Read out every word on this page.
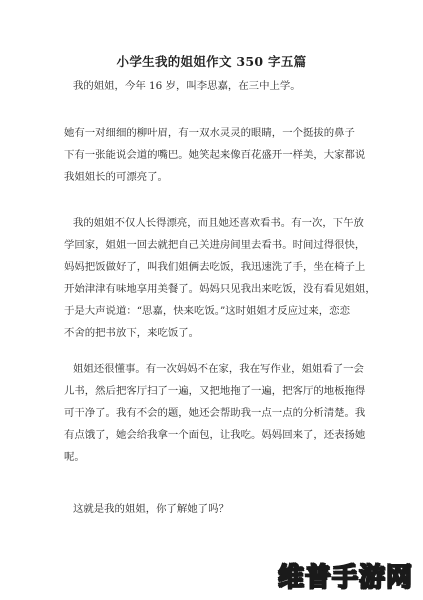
小学生我的姐姐作文 350 字五篇
我的姐姐，今年 16 岁，叫李思嘉，在三中上学。
她有一对细细的柳叶眉，有一双水灵灵的眼睛，一个挺拔的鼻子
下有一张能说会道的嘴巴。她笑起来像百花盛开一样美，大家都说
我姐姐长的可漂亮了。
我的姐姐不仅人长得漂亮，而且她还喜欢看书。有一次，下午放
学回家，姐姐一回去就把自己关进房间里去看书。时间过得很快，
妈妈把饭做好了，叫我们姐俩去吃饭，我迅速洗了手，坐在椅子上
开始津津有味地享用美餐了。妈妈只见我出来吃饭，没有看见姐姐，
于是大声说道：“思嘉，快来吃饭。”这时姐姐才反应过来，恋恋
不舍的把书放下，来吃饭了。
姐姐还很懂事。有一次妈妈不在家，我在写作业，姐姐看了一会
儿书，然后把客厅扫了一遍，又把地拖了一遍，把客厅的地板拖得
可干净了。我有不会的题，她还会帮助我一点一点的分析清楚。我
有点饿了，她会给我拿一个面包，让我吃。妈妈回来了，还表扬她
呢。
这就是我的姐姐，你了解她了吗？
维普手游网
